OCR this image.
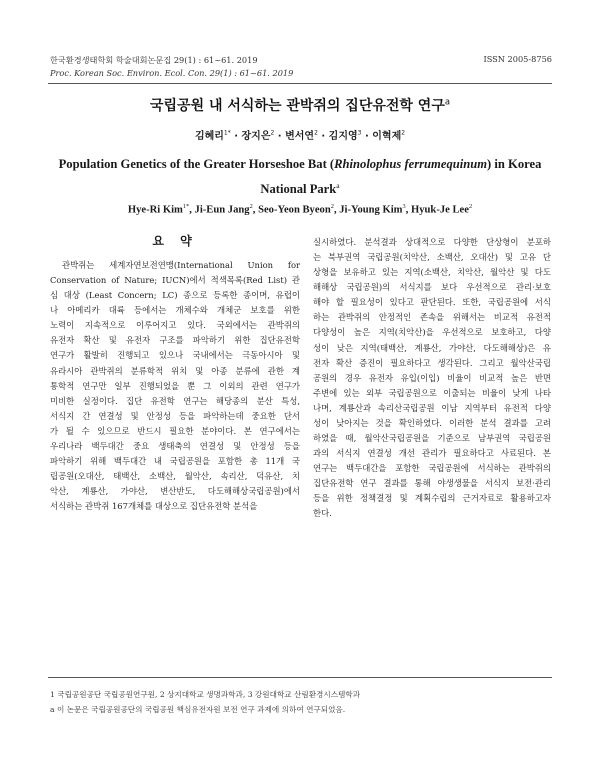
한국환경생태학회 학술대회논문집 29(1) : 61~61. 2019
Proc. Korean Soc. Environ. Ecol. Con. 29(1) : 61~61. 2019
ISSN 2005-8756
국립공원 내 서식하는 관박쥐의 집단유전학 연구$^a$
김혜리$^{1*}$ · 장지은$^2$ · 변서연$^2$ · 김지영$^3$ · 이혁제$^2$
Population Genetics of the Greater Horseshoe Bat (Rhinolophus ferrumequinum) in Korea
National Park$^a$
Hye-Ri Kim$^{1*}$, Ji-Eun Jang$^2$, Seo-Yeon Byeon$^2$, Ji-Young Kim$^3$, Hyuk-Je Lee$^2$
요 약
관박쥐는 세계자연보전연맹(International Union for
Conservation of Nature; IUCN)에서 적색목록(Red List) 관
심 대상 (Least Concern; LC) 종으로 등록한 종이며, 유럽이
나 아메리카 대륙 등에서는 개체수와 개체군 보호를 위한
노력이 지속적으로 이루어지고 있다. 국외에서는 관박쥐의
유전자 확산 및 유전자 구조를 파악하기 위한 집단유전학
연구가 활발히 진행되고 있으나 국내에서는 극동아시아 및
유라시아 관박쥐의 분류학적 위치 및 아종 분류에 관한 계
통학적 연구만 일부 진행되었을 뿐 그 이외의 관련 연구가
미비한 실정이다. 집단 유전학 연구는 해당종의 분산 특성,
서식지 간 연결성 및 안정성 등을 파악하는데 중요한 단서
가 될 수 있으므로 반드시 필요한 분야이다. 본 연구에서는
우리나라 백두대간 중요 생태축의 연결성 및 안정성 등을
파악하기 위해 백두대간 내 국립공원을 포함한 총 11개 국
립공원(오대산, 태백산, 소백산, 월악산, 속리산, 덕유산, 치
악산, 계룡산, 가야산, 변산반도, 다도해해상국립공원)에서
서식하는 관박쥐 167개체를 대상으로 집단유전학 분석을
실시하였다. 분석결과 상대적으로 다양한 단상형이 분포하
는 북부권역 국립공원(치악산, 소백산, 오대산) 및 고유 단
상형을 보유하고 있는 지역(소백산, 치악산, 월악산 및 다도
해해상 국립공원)의 서식지를 보다 우선적으로 관리·보호
해야 할 필요성이 있다고 판단된다. 또한, 국립공원에 서식
하는 관박쥐의 안정적인 존속을 위해서는 비교적 유전적
다양성이 높은 지역(치악산)을 우선적으로 보호하고, 다양
성이 낮은 지역(태백산, 계룡산, 가야산, 다도해해상)은 유
전자 확산 증진이 필요하다고 생각된다. 그리고 월악산국립
공원의 경우 유전자 유입(이입) 비율이 비교적 높은 반면
주변에 있는 외부 국립공원으로 이출되는 비율이 낮게 나타
나며, 계룡산과 속리산국립공원 이남 지역부터 유전적 다양
성이 낮아지는 것을 확인하였다. 이러한 분석 결과를 고려
하였을 때, 월악산국립공원을 기준으로 남부권역 국립공원
과의 서식지 연결성 개선 관리가 필요하다고 사료된다. 본
연구는 백두대간을 포함한 국립공원에 서식하는 관박쥐의
집단유전학 연구 결과를 통해 야생생물을 서식지 보전·관리
등을 위한 정책결정 및 계획수립의 근거자료로 활용하고자
한다.
1 국립공원공단 국립공원연구원, 2 상지대학교 생명과학과, 3 강원대학교 산림환경시스템학과
a 이 논문은 국립공원공단의 국립공원 핵심유전자원 보전 연구 과제에 의하여 연구되었음.
